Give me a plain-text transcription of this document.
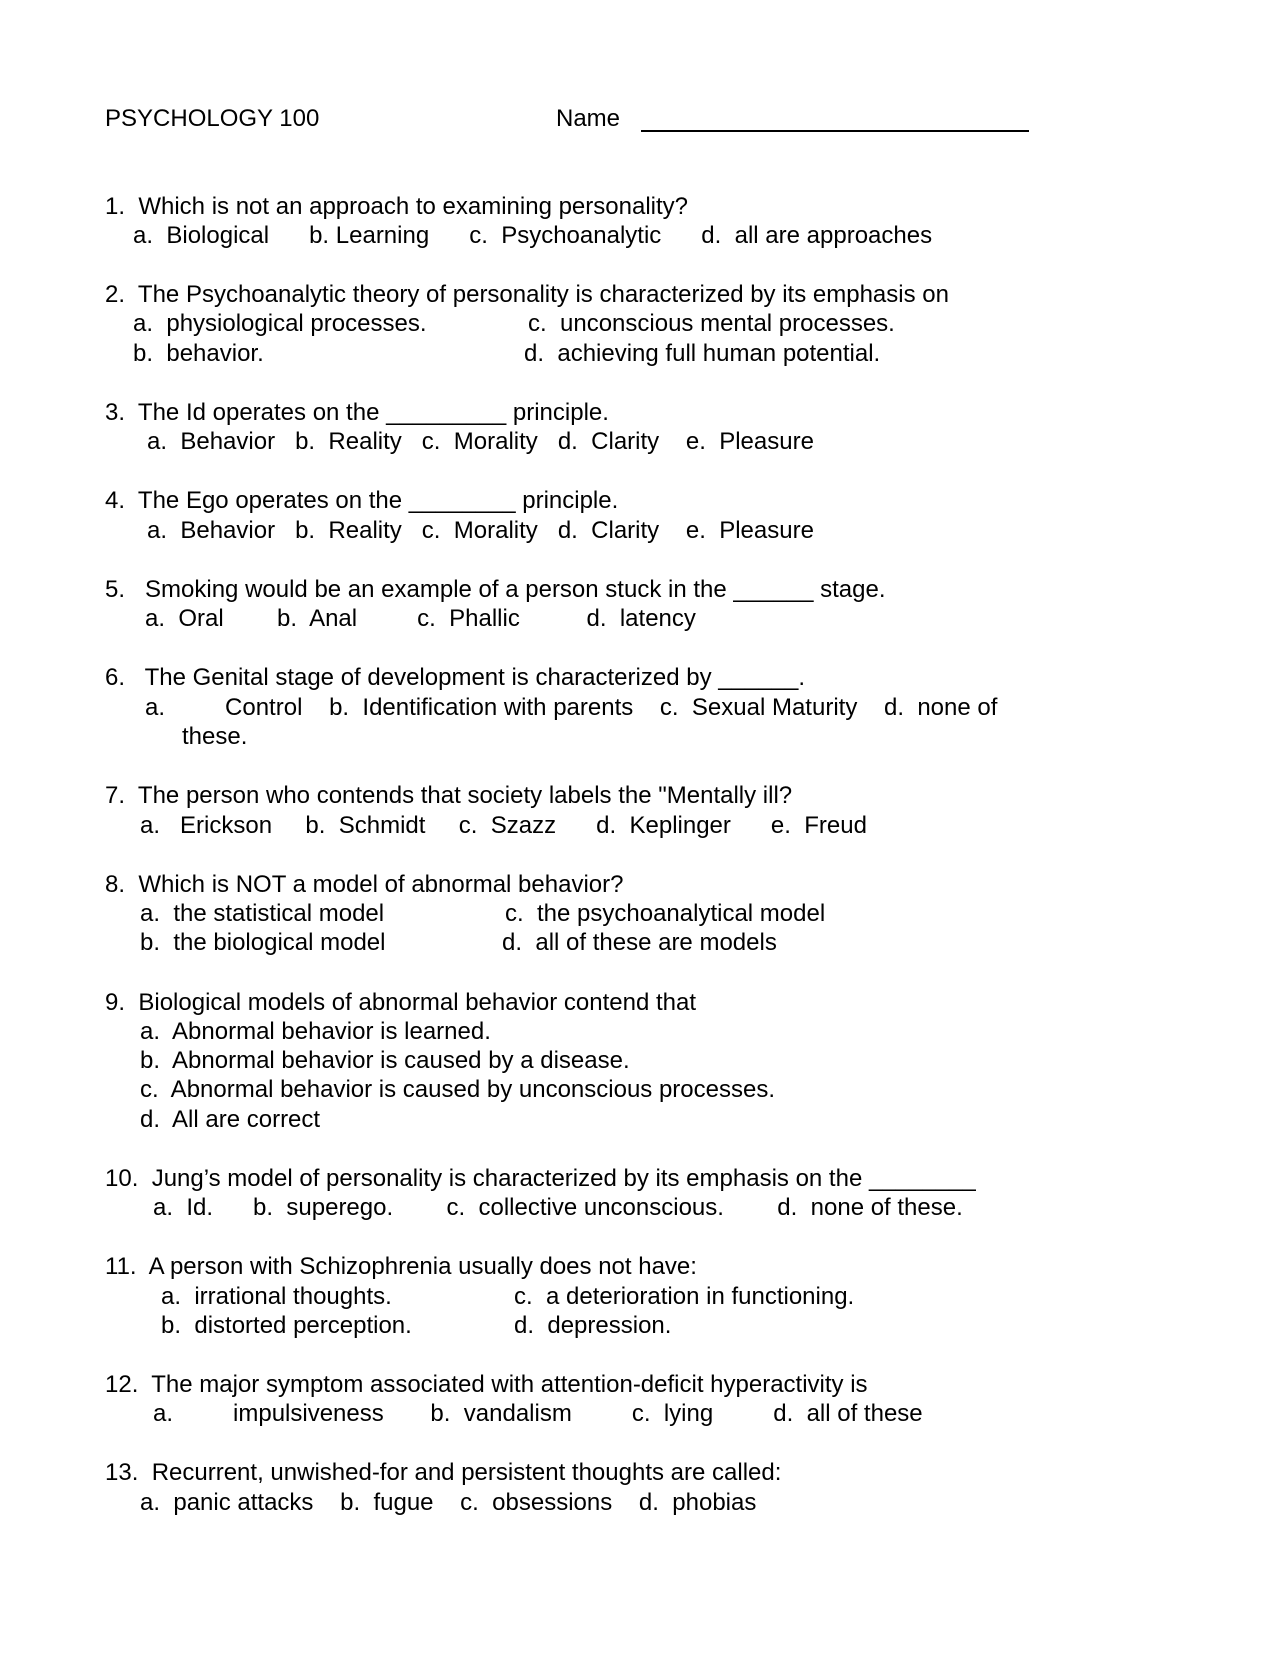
PSYCHOLOGY 100	Name
1.  Which is not an approach to examining personality?
a.  Biological      b. Learning      c.  Psychoanalytic      d.  all are approaches
2.  The Psychoanalytic theory of personality is characterized by its emphasis on
a.  physiological processes.	c.  unconscious mental processes.
b.  behavior.	d.  achieving full human potential.
3.  The Id operates on the _________ principle.
a.  Behavior   b.  Reality   c.  Morality   d.  Clarity    e.  Pleasure
4.  The Ego operates on the ________ principle.
a.  Behavior   b.  Reality   c.  Morality   d.  Clarity    e.  Pleasure
5.   Smoking would be an example of a person stuck in the ______ stage.
a.  Oral        b.  Anal         c.  Phallic          d.  latency
6.   The Genital stage of development is characterized by ______.
a.         Control    b.  Identification with parents    c.  Sexual Maturity    d.  none of
these.
7.  The person who contends that society labels the "Mentally ill?
a.   Erickson     b.  Schmidt     c.  Szazz      d.  Keplinger      e.  Freud
8.  Which is NOT a model of abnormal behavior?
a.  the statistical model	c.  the psychoanalytical model
b.  the biological model	d.  all of these are models
9.  Biological models of abnormal behavior contend that
a.  Abnormal behavior is learned.
b.  Abnormal behavior is caused by a disease.
c.  Abnormal behavior is caused by unconscious processes.
d.  All are correct
10.  Jung’s model of personality is characterized by its emphasis on the ________
a.  Id.      b.  superego.        c.  collective unconscious.        d.  none of these.
11.  A person with Schizophrenia usually does not have:
a.  irrational thoughts.	c.  a deterioration in functioning.
b.  distorted perception.	d.  depression.
12.  The major symptom associated with attention-deficit hyperactivity is
a.         impulsiveness       b.  vandalism         c.  lying         d.  all of these
13.  Recurrent, unwished-for and persistent thoughts are called:
a.  panic attacks    b.  fugue    c.  obsessions    d.  phobias
